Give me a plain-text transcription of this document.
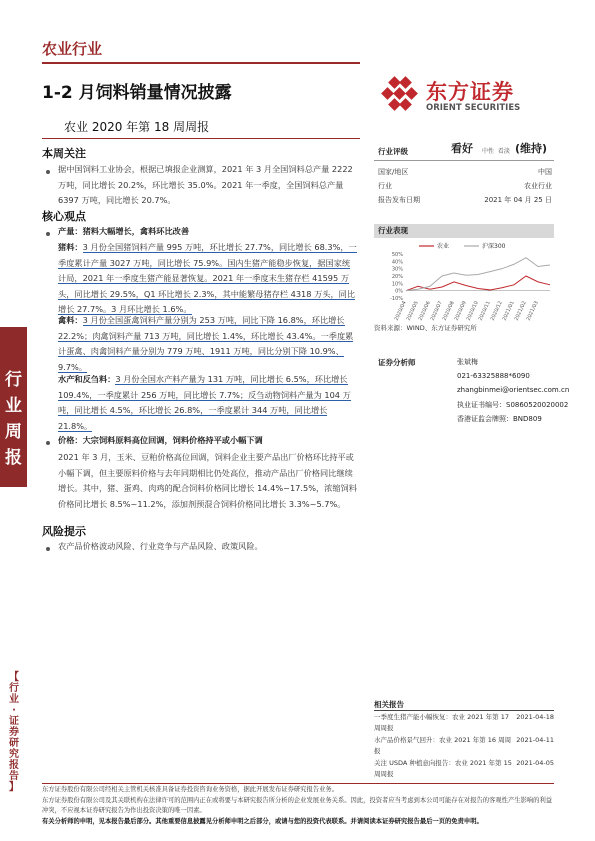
农业行业
1-2 月饲料销量情况披露
农业 2020 年第 18 周周报
东方证券
ORIENT SECURITIES
行
业
周
报
【
行
业
·
证
券
研
究
报
告
】
本周关注
据中国饲料工业协会，根据已填报企业测算，2021 年 3 月全国饲料总产量 2222 万吨，同比增长 20.2%，环比增长 35.0%。2021 年一季度，全国饲料总产量 6397 万吨，同比增长 20.7%。
核心观点
产量：猪料大幅增长，禽料环比改善
猪料：3 月份全国猪饲料产量 995 万吨，环比增长 27.7%，同比增长 68.3%，一季度累计产量 3027 万吨，同比增长 75.9%。国内生猪产能稳步恢复，据国家统计局，2021 年一季度生猪产能显著恢复。2021 年一季度末生猪存栏 41595 万头，同比增长 29.5%，Q1 环比增长 2.3%，其中能繁母猪存栏 4318 万头，同比增长 27.7%。3 月环比增长 1.6%。
禽料：3 月份全国蛋禽饲料产量分别为 253 万吨，同比下降 16.8%，环比增长 22.2%；肉禽饲料产量 713 万吨，同比增长 1.4%，环比增长 43.4%。一季度累计蛋禽、肉禽饲料产量分别为 779 万吨、1911 万吨，同比分别下降 10.9%、9.7%。
水产和反刍料：3 月份全国水产料产量为 131 万吨，同比增长 6.5%，环比增长 109.4%，一季度累计 256 万吨，同比增长 7.7%；反刍动物饲料产量为 104 万吨，同比增长 4.5%，环比增长 26.8%，一季度累计 344 万吨，同比增长 21.8%。
价格：大宗饲料原料高位回调，饲料价格持平或小幅下调
2021 年 3 月，玉米、豆粕价格高位回调，饲料企业主要产品出厂价格环比持平或小幅下调，但主要原料价格与去年同期相比仍处高位，推动产品出厂价格同比继续增长。其中，猪、蛋鸡、肉鸡的配合饲料价格同比增长 14.4%~17.5%，浓缩饲料价格同比增长 8.5%~11.2%，添加剂预混合饲料价格同比增长 3.3%~5.7%。
风险提示
农产品价格波动风险、行业竞争与产品风险、政策风险。
行业评级	看好 中性 看淡 (维持)
国家/地区	中国
行业	农业行业
报告发布日期	2021 年 04 月 25 日
行业表现
农业	沪深300
50%
40%
30%
20%
10%
0%
-10%
2020/04
2020/05
2020/06
2020/07
2020/08
2020/09
2020/10
2020/11
2020/12
2021/01
2021/02
2021/03
资料来源：WIND、东方证券研究所
证券分析师	张斌梅
021-63325888*6090
zhangbinmei@orientsec.com.cn
执业证书编号：S0860520020002
香港证监会牌照：BND809
相关报告
一季度生猪产能小幅恢复：农业 2021 年第 17 周周报
2021-04-18
水产品价格景气回升：农业 2021 年第 16 周周报
2021-04-11
关注 USDA 种植意向报告：农业 2021 年第 15 周周报
2021-04-05
东方证券股份有限公司经相关主管机关核准具备证券投资咨询业务资格，据此开展发布证券研究报告业务。
东方证券股份有限公司及其关联机构在法律许可的范围内正在或将要与本研究报告所分析的企业发展业务关系。因此，投资者应当考虑到本公司可能存在对报告的客观性产生影响的利益冲突，不应视本证券研究报告为作出投资决策的唯一因素。
有关分析师的申明，见本报告最后部分。其他重要信息披露见分析师申明之后部分，或请与您的投资代表联系。并请阅读本证券研究报告最后一页的免责申明。
